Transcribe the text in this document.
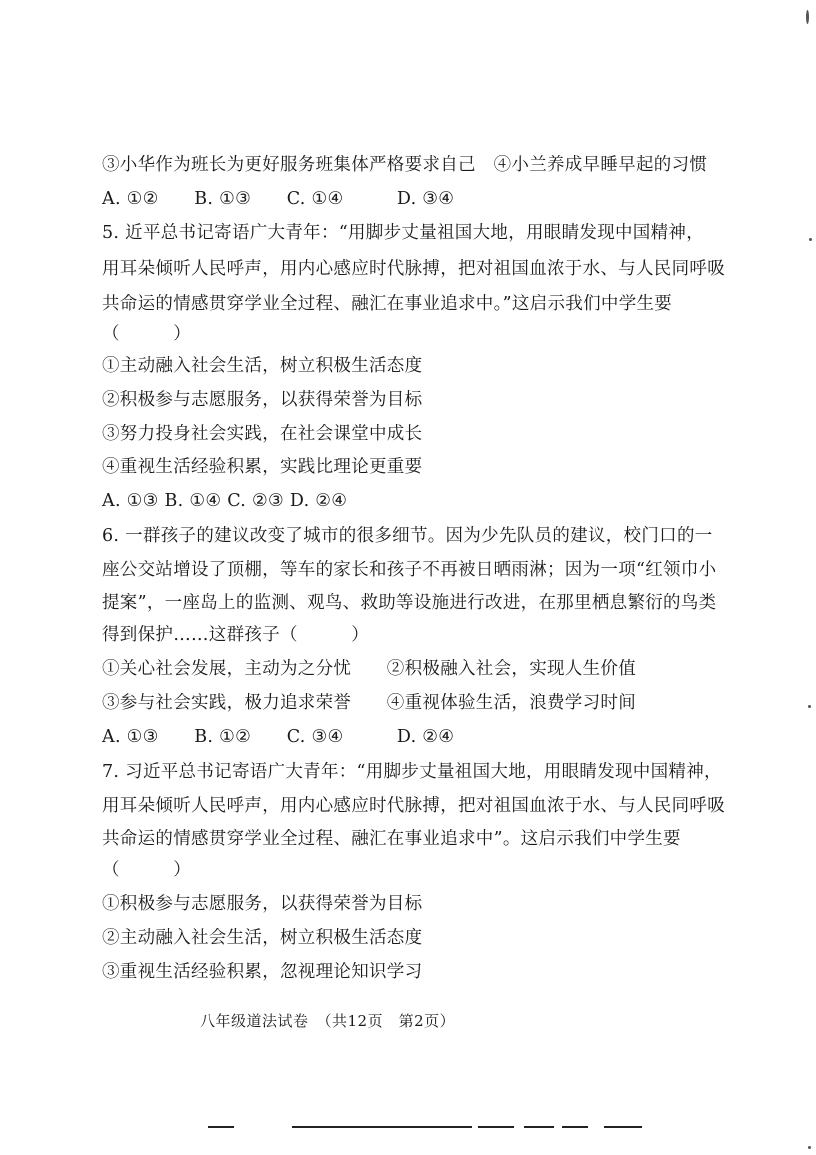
③小华作为班长为更好服务班集体严格要求自己　④小兰养成早睡早起的习惯
A. ①②　　B. ①③　　C. ①④　　　D. ③④
5. 近平总书记寄语广大青年：“用脚步丈量祖国大地，用眼睛发现中国精神，
用耳朵倾听人民呼声，用内心感应时代脉搏，把对祖国血浓于水、与人民同呼吸
共命运的情感贯穿学业全过程、融汇在事业追求中。”这启示我们中学生要
（　　　）
①主动融入社会生活，树立积极生活态度
②积极参与志愿服务，以获得荣誉为目标
③努力投身社会实践，在社会课堂中成长
④重视生活经验积累，实践比理论更重要
A. ①③ B. ①④ C. ②③ D. ②④
6. 一群孩子的建议改变了城市的很多细节。因为少先队员的建议，校门口的一
座公交站增设了顶棚，等车的家长和孩子不再被日晒雨淋；因为一项“红领巾小
提案”，一座岛上的监测、观鸟、救助等设施进行改进，在那里栖息繁衍的鸟类
得到保护……这群孩子（　　　）
①关心社会发展，主动为之分忧　　②积极融入社会，实现人生价值
③参与社会实践，极力追求荣誉　　④重视体验生活，浪费学习时间
A. ①③　　B. ①②　　C. ③④　　　D. ②④
7. 习近平总书记寄语广大青年：“用脚步丈量祖国大地，用眼睛发现中国精神，
用耳朵倾听人民呼声，用内心感应时代脉搏，把对祖国血浓于水、与人民同呼吸
共命运的情感贯穿学业全过程、融汇在事业追求中”。这启示我们中学生要
（　　　）
①积极参与志愿服务，以获得荣誉为目标
②主动融入社会生活，树立积极生活态度
③重视生活经验积累，忽视理论知识学习
八年级道法试卷　（共12页　第2页）
